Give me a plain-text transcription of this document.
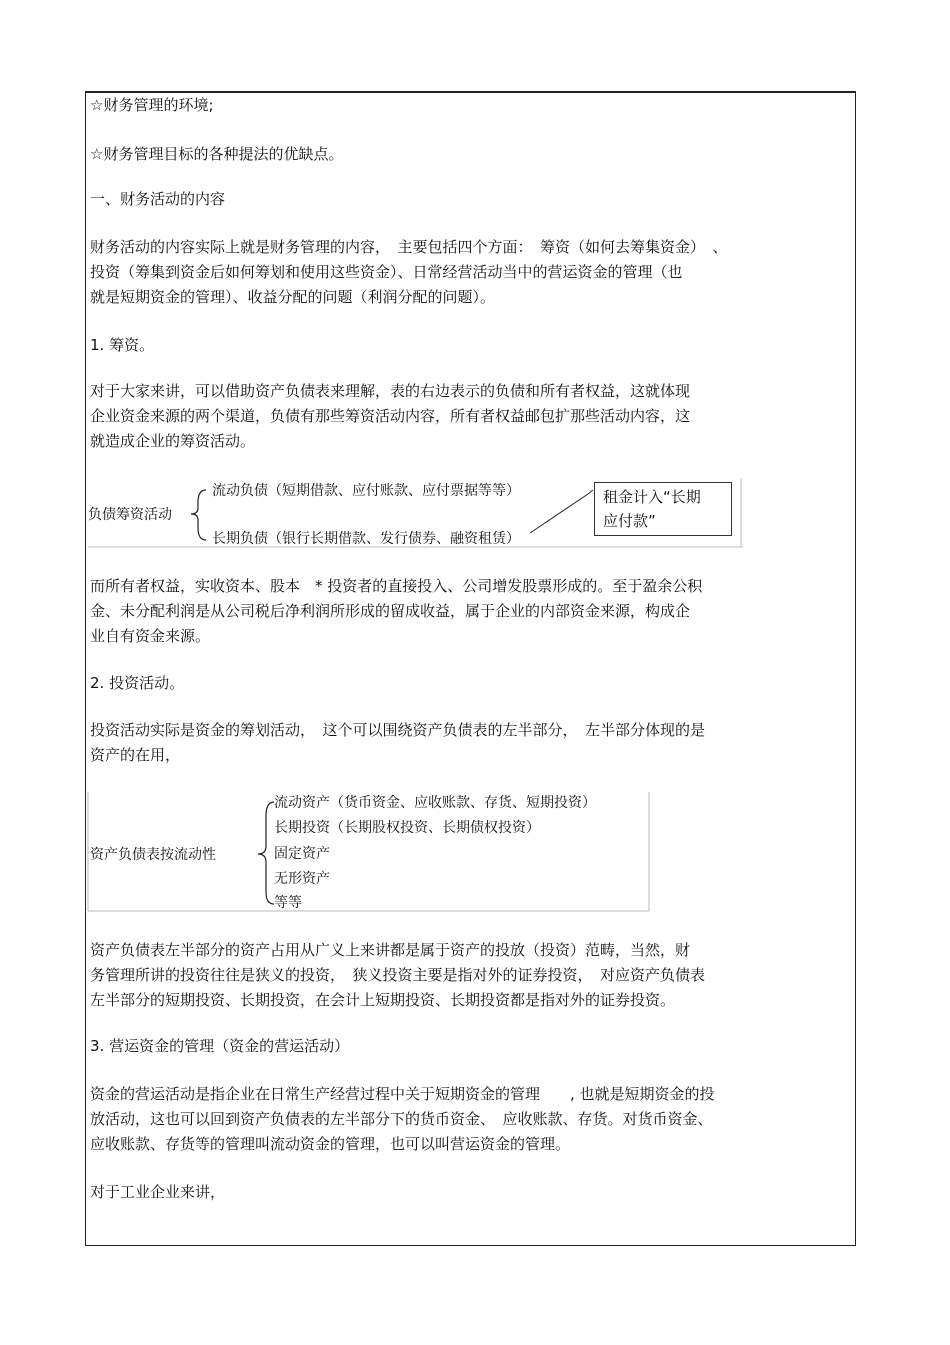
☆财务管理的环境;
☆财务管理目标的各种提法的优缺点。
一、财务活动的内容
财务活动的内容实际上就是财务管理的内容，　主要包括四个方面：　筹资（如何去筹集资金）　、
投资（筹集到资金后如何筹划和使用这些资金）、日常经营活动当中的营运资金的管理（也
就是短期资金的管理）、收益分配的问题（利润分配的问题）。
1. 筹资。
对于大家来讲，可以借助资产负债表来理解，表的右边表示的负债和所有者权益，这就体现
企业资金来源的两个渠道，负债有那些筹资活动内容，所有者权益邮包扩那些活动内容，这
就造成企业的筹资活动。
负债筹资活动
流动负债（短期借款、应付账款、应付票据等等）
长期负债（银行长期借款、发行债券、融资租赁）
租金计入“长期
应付款”
而所有者权益，实收资本、股本　* 投资者的直接投入、公司增发股票形成的。至于盈余公积
金、未分配利润是从公司税后净利润所形成的留成收益，属于企业的内部资金来源，构成企
业自有资金来源。
2. 投资活动。
投资活动实际是资金的筹划活动，　这个可以围绕资产负债表的左半部分，　左半部分体现的是
资产的在用，
资产负债表按流动性
流动资产（货币资金、应收账款、存货、短期投资）
长期投资（长期股权投资、长期债权投资）
固定资产
无形资产
等等
资产负债表左半部分的资产占用从广义上来讲都是属于资产的投放（投资）范畴，当然，财
务管理所讲的投资往往是狭义的投资，　狭义投资主要是指对外的证券投资，　对应资产负债表
左半部分的短期投资、长期投资，在会计上短期投资、长期投资都是指对外的证券投资。
3. 营运资金的管理（资金的营运活动）
资金的营运活动是指企业在日常生产经营过程中关于短期资金的管理　　, 也就是短期资金的投
放活动，这也可以回到资产负债表的左半部分下的货币资金、　应收账款、存货。对货币资金、
应收账款、存货等的管理叫流动资金的管理，也可以叫营运资金的管理。
对于工业企业来讲，
